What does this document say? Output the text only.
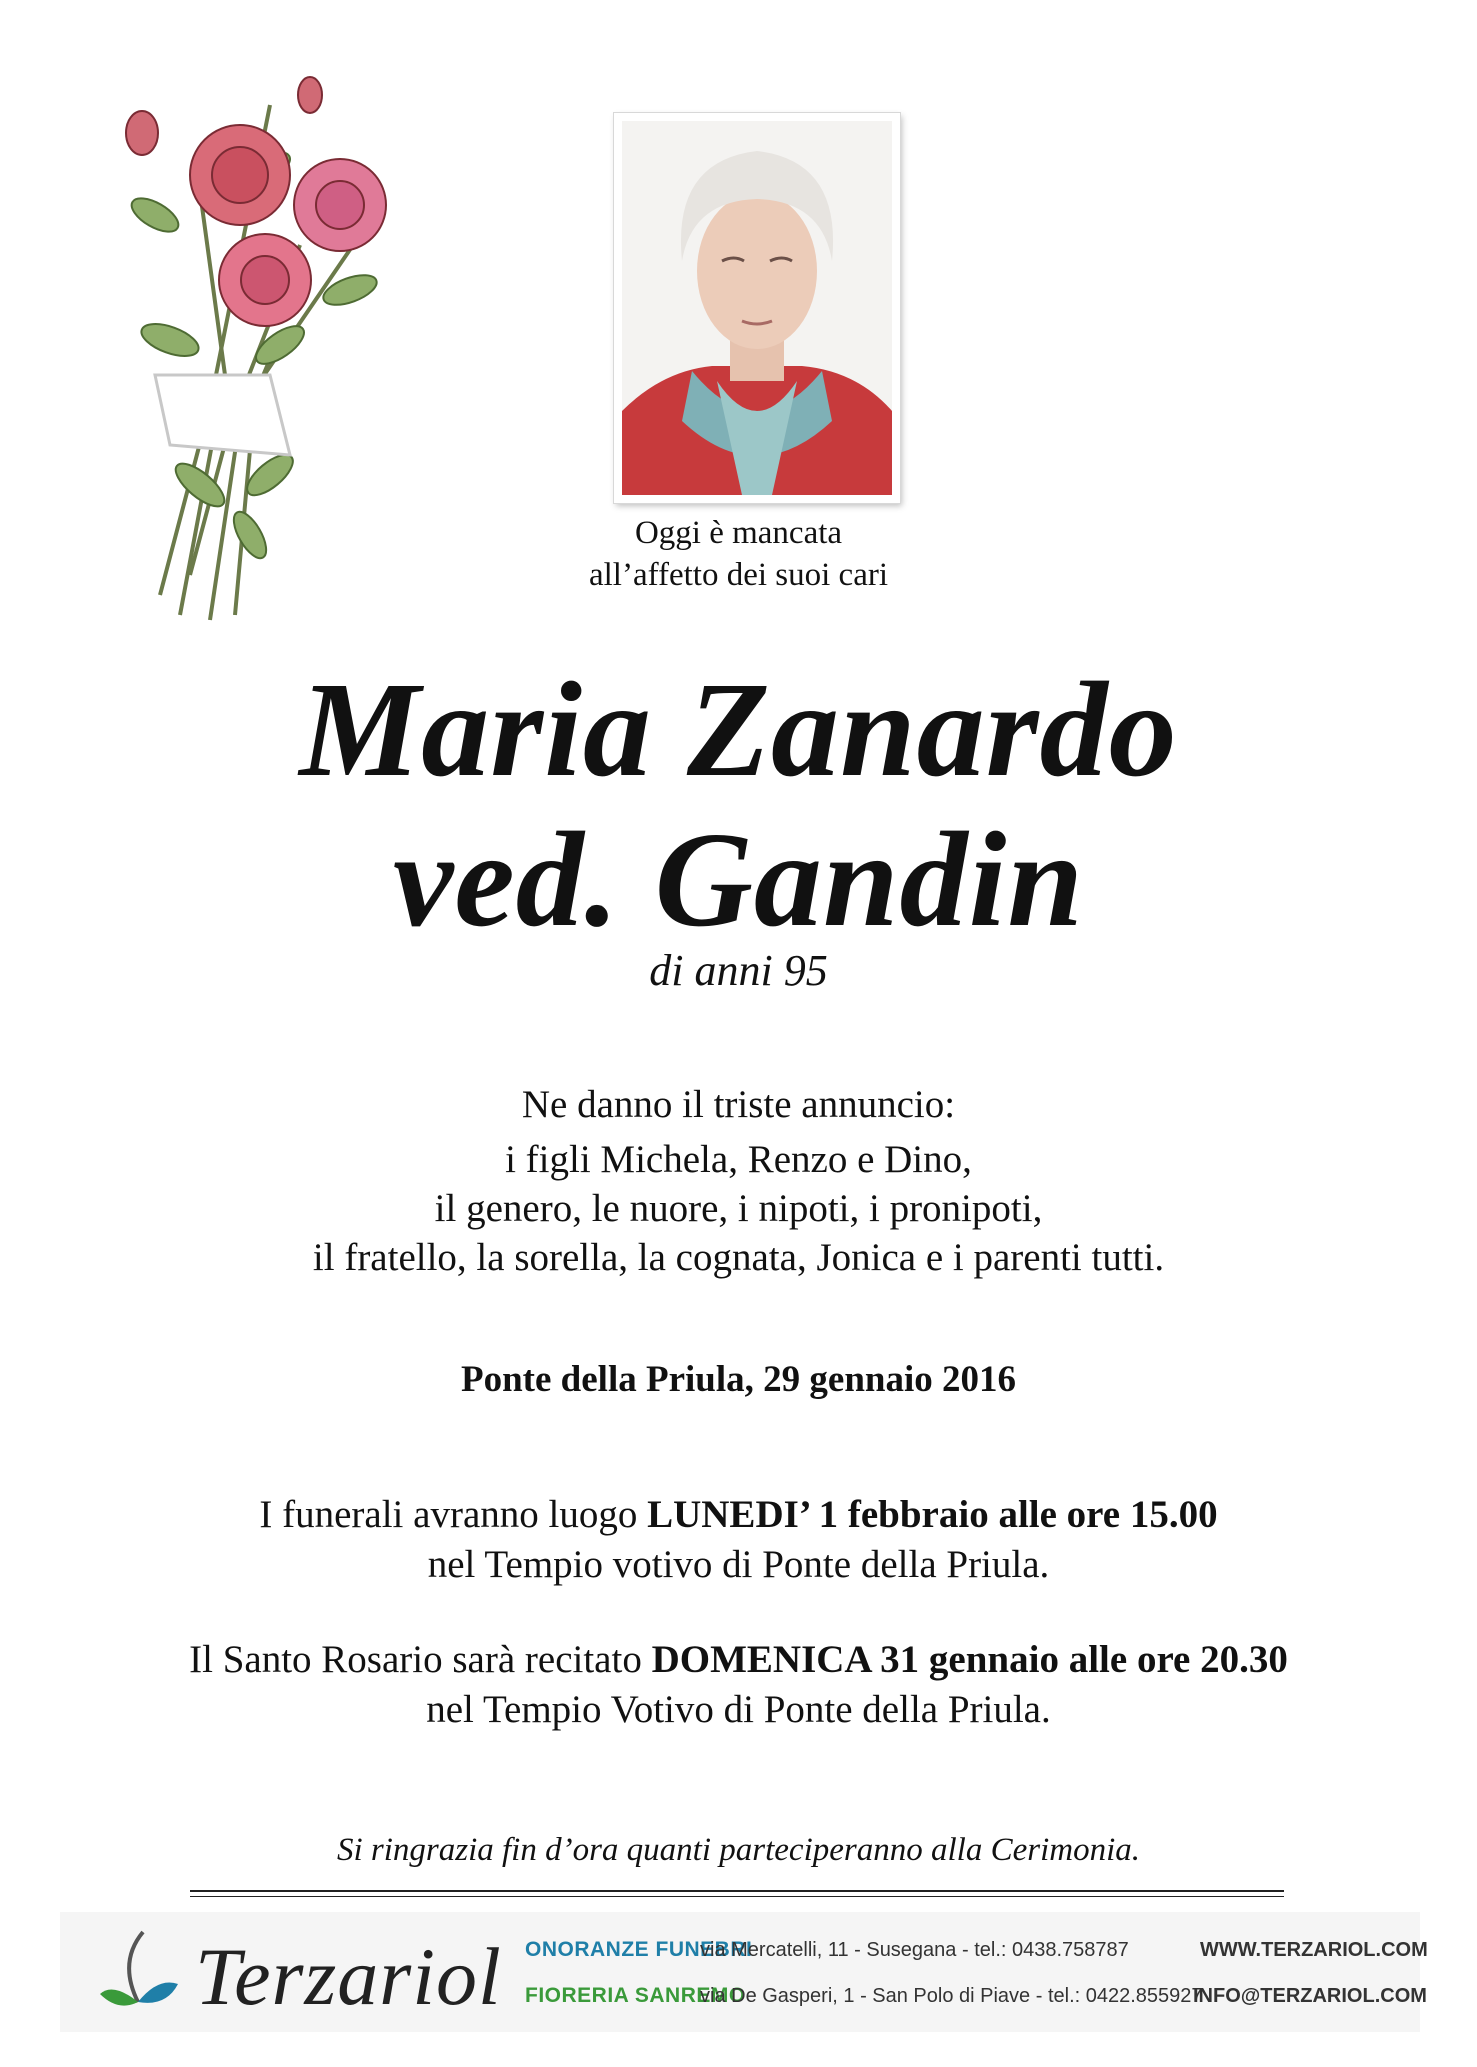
Oggi è mancata
all’affetto dei suoi cari
Maria Zanardo
ved. Gandin
di anni 95
Ne danno il triste annuncio:
i figli Michela, Renzo e Dino,
il genero, le nuore, i nipoti, i pronipoti,
il fratello, la sorella, la cognata, Jonica e i parenti tutti.
Ponte della Priula, 29 gennaio 2016
I funerali avranno luogo LUNEDI’ 1 febbraio alle ore 15.00
nel Tempio votivo di Ponte della Priula.
Il Santo Rosario sarà recitato DOMENICA 31 gennaio alle ore 20.30
nel Tempio Votivo di Ponte della Priula.
Si ringrazia fin d’ora quanti parteciperanno alla Cerimonia.
Terzariol ONORANZE FUNEBRI
via Mercatelli, 11 - Susegana - tel.: 0438.758787	WWW.TERZARIOL.COM
FIORERIA SANREMO
via De Gasperi, 1 - San Polo di Piave - tel.: 0422.855927
INFO@TERZARIOL.COM
